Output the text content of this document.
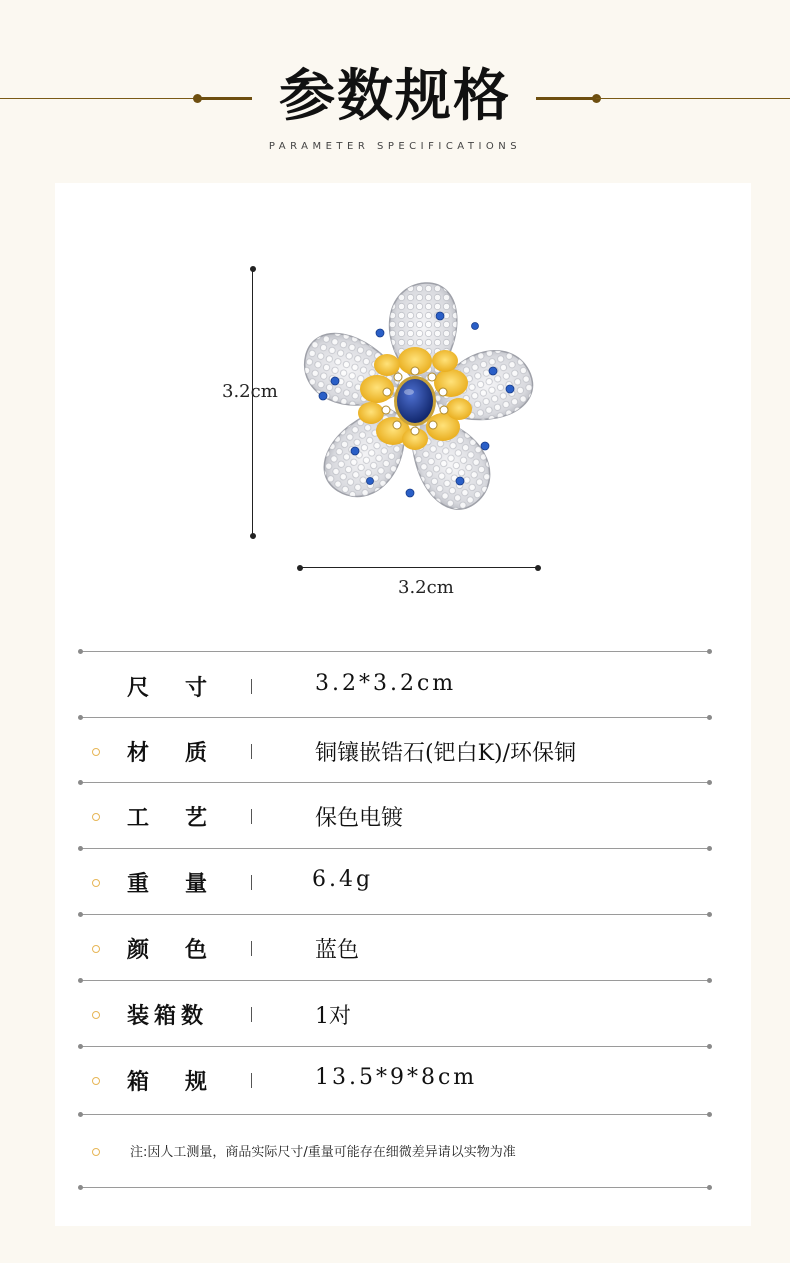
参数规格
PARAMETER SPECIFICATIONS
3.2cm
3.2cm
尺 寸	3.2*3.2cm
材 质	铜镶嵌锆石(钯白K)/环保铜
工 艺	保色电镀
重 量	6.4g
颜 色	蓝色
装 箱 数	1对
箱 规	13.5*9*8cm
注:因人工测量，商品实际尺寸/重量可能存在细微差异请以实物为准
